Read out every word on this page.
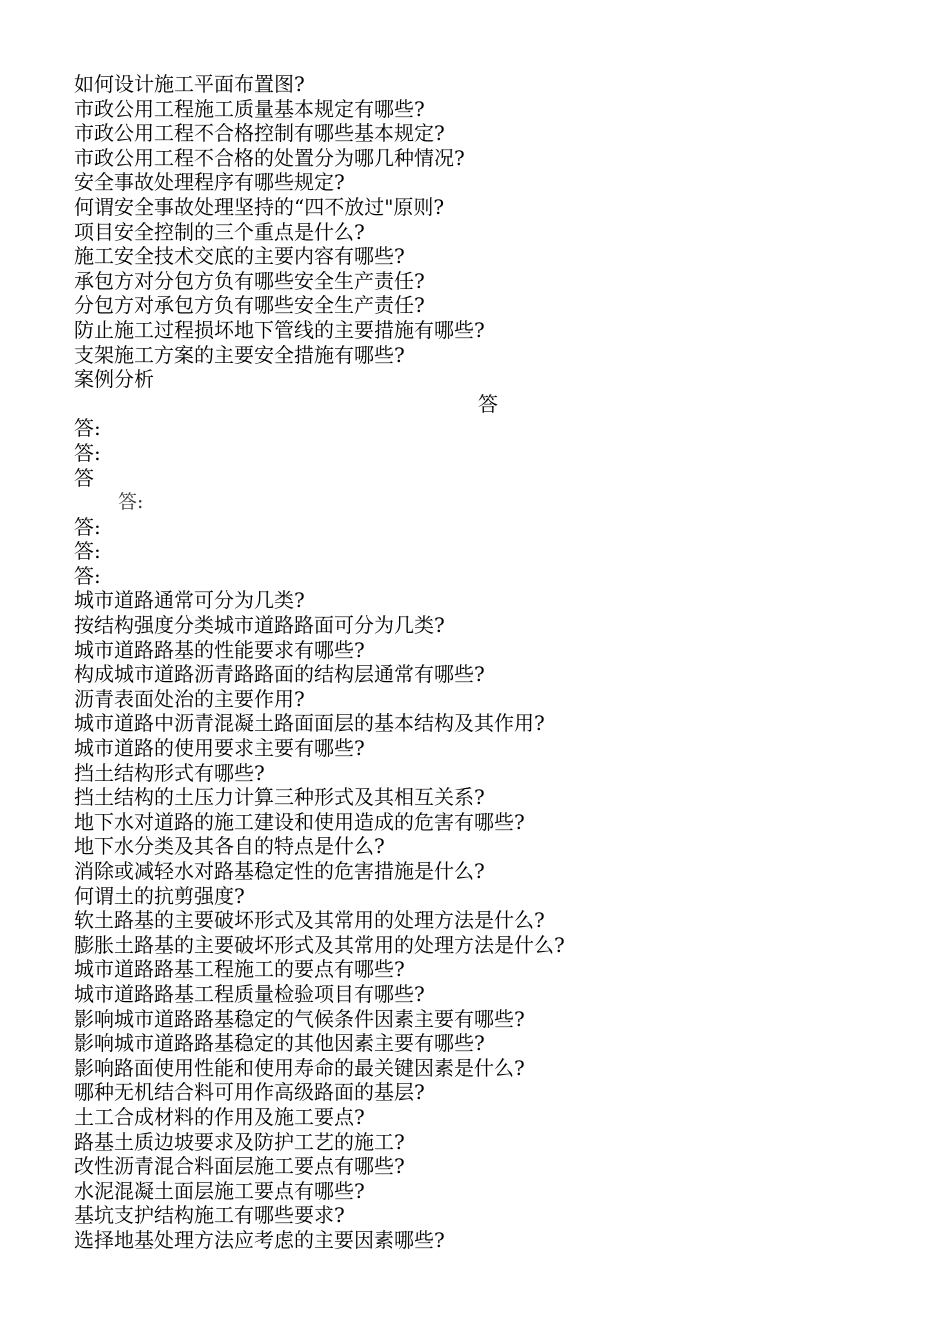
如何设计施工平面布置图?
市政公用工程施工质量基本规定有哪些?
市政公用工程不合格控制有哪些基本规定?
市政公用工程不合格的处置分为哪几种情况?
安全事故处理程序有哪些规定?
何谓安全事故处理坚持的“四不放过"原则?
项目安全控制的三个重点是什么?
施工安全技术交底的主要内容有哪些?
承包方对分包方负有哪些安全生产责任?
分包方对承包方负有哪些安全生产责任?
防止施工过程损坏地下管线的主要措施有哪些?
支架施工方案的主要安全措施有哪些?
案例分析
答
答:
答:
答
答:
答:
答:
答:
城市道路通常可分为几类?
按结构强度分类城市道路路面可分为几类?
城市道路路基的性能要求有哪些?
构成城市道路沥青路路面的结构层通常有哪些?
沥青表面处治的主要作用?
城市道路中沥青混凝土路面面层的基本结构及其作用?
城市道路的使用要求主要有哪些?
挡土结构形式有哪些?
挡土结构的土压力计算三种形式及其相互关系?
地下水对道路的施工建设和使用造成的危害有哪些?
地下水分类及其各自的特点是什么?
消除或减轻水对路基稳定性的危害措施是什么?
何谓土的抗剪强度?
软土路基的主要破坏形式及其常用的处理方法是什么?
膨胀土路基的主要破坏形式及其常用的处理方法是什么?
城市道路路基工程施工的要点有哪些?
城市道路路基工程质量检验项目有哪些?
影响城市道路路基稳定的气候条件因素主要有哪些?
影响城市道路路基稳定的其他因素主要有哪些?
影响路面使用性能和使用寿命的最关键因素是什么?
哪种无机结合料可用作高级路面的基层?
土工合成材料的作用及施工要点?
路基土质边坡要求及防护工艺的施工?
改性沥青混合料面层施工要点有哪些?
水泥混凝土面层施工要点有哪些?
基坑支护结构施工有哪些要求?
选择地基处理方法应考虑的主要因素哪些?
